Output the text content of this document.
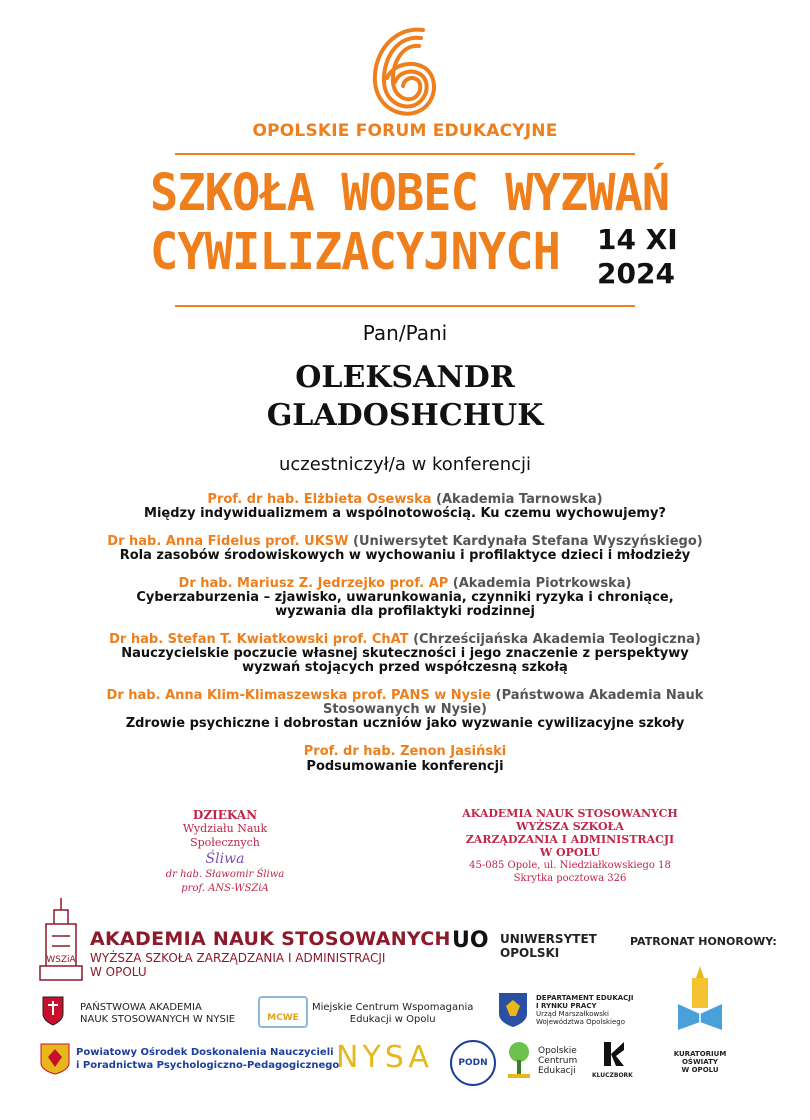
OPOLSKIE FORUM EDUKACYJNE
SZKOŁA WOBEC WYZWAŃ
CYWILIZACYJNYCH 14 XI
2024
Pan/Pani
OLEKSANDR
GLADOSHCHUK
uczestniczył/a w konferencji
Prof. dr hab. Elżbieta Osewska (Akademia Tarnowska)
Między indywidualizmem a wspólnotowością. Ku czemu wychowujemy?
Dr hab. Anna Fidelus prof. UKSW (Uniwersytet Kardynała Stefana Wyszyńskiego)
Rola zasobów środowiskowych w wychowaniu i profilaktyce dzieci i młodzieży
Dr hab. Mariusz Z. Jedrzejko prof. AP (Akademia Piotrkowska)
Cyberzaburzenia – zjawisko, uwarunkowania, czynniki ryzyka i chroniące,
wyzwania dla profilaktyki rodzinnej
Dr hab. Stefan T. Kwiatkowski prof. ChAT (Chrześcijańska Akademia Teologiczna)
Nauczycielskie poczucie własnej skuteczności i jego znaczenie z perspektywy
wyzwań stojących przed współczesną szkołą
Dr hab. Anna Klim-Klimaszewska prof. PANS w Nysie (Państwowa Akademia Nauk
Stosowanych w Nysie)
Zdrowie psychiczne i dobrostan uczniów jako wyzwanie cywilizacyjne szkoły
Prof. dr hab. Zenon Jasiński
Podsumowanie konferencji
DZIEKAN
Wydziału Nauk Społecznych
Śliwa
dr hab. Sławomir Śliwa
prof. ANS-WSZiA
AKADEMIA NAUK STOSOWANYCH
WYŻSZA SZKOŁA
ZARZĄDZANIA I ADMINISTRACJI
W OPOLU
45-085 Opole, ul. Niedziałkowskiego 18
Skrytka pocztowa 326
WSZiA
AKADEMIA NAUK STOSOWANYCH
WYŻSZA SZKOŁA ZARZĄDZANIA I ADMINISTRACJI
W OPOLU
UO UNIWERSYTET
OPOLSKI
PATRONAT HONOROWY:
PAŃSTWOWA AKADEMIA
NAUK STOSOWANYCH W NYSIE	MCWE
Miejskie Centrum Wspomagania
Edukacji w Opolu
DEPARTAMENT EDUKACJI
I RYNKU PRACY
Urząd Marszałkowski
Województwa Opolskiego
KURATORIUM
OŚWIATY
W OPOLU
Powiatowy Ośrodek Doskonalenia Nauczycieli
i Poradnictwa Psychologiczno-Pedagogicznego
NYSA	PODN
Opolskie
Centrum
Edukacji	KLUCZBORK
